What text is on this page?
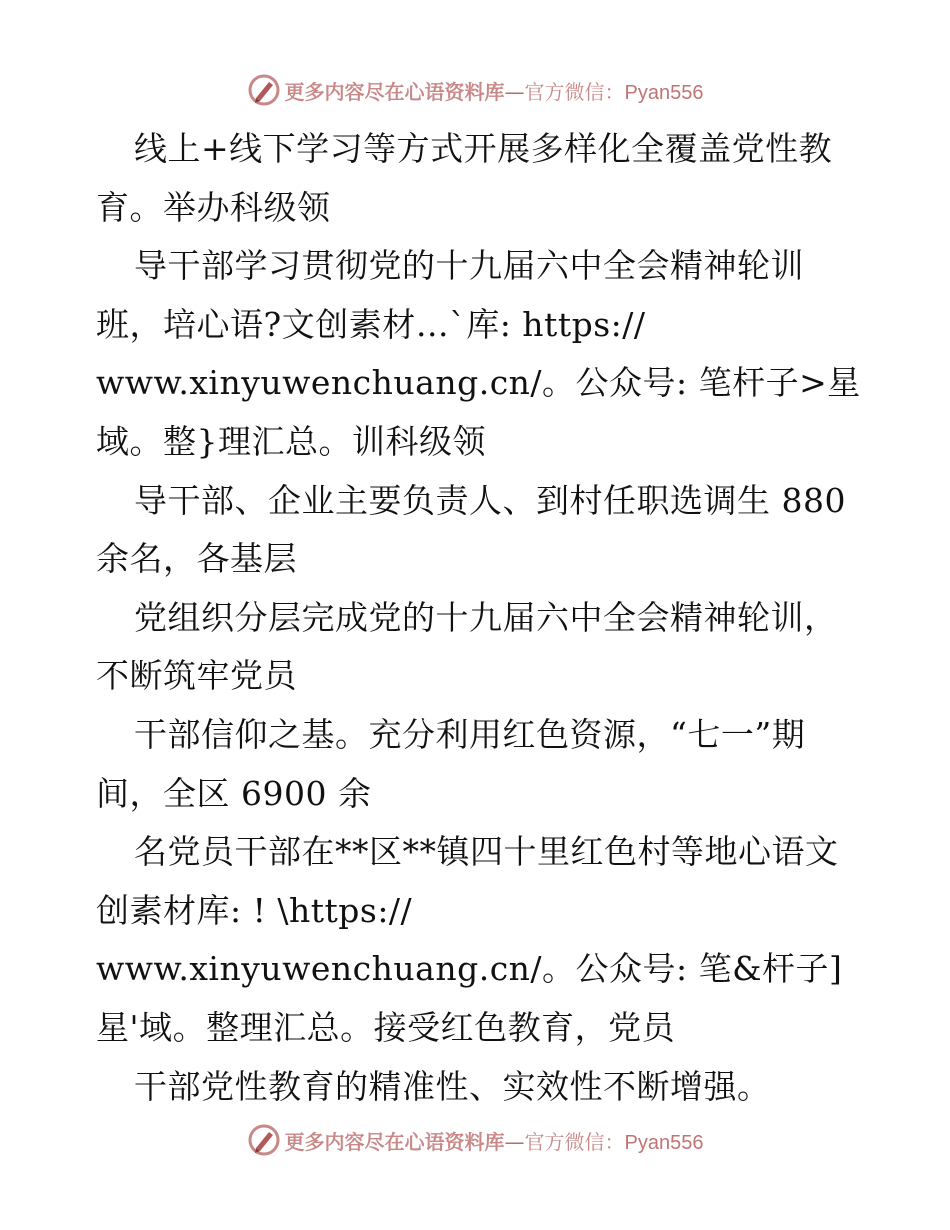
更多内容尽在心语资料库—官方微信：Pyan556
线上+线下学习等方式开展多样化全覆盖党性教
育。举办科级领
导干部学习贯彻党的十九届六中全会精神轮训
班，培心语?文创素材…`库: https://
www.xinyuwenchuang.cn/。公众号: 笔杆子>星
域。整}理汇总。训科级领
导干部、企业主要负责人、到村任职选调生 880
余名，各基层
党组织分层完成党的十九届六中全会精神轮训，
不断筑牢党员
干部信仰之基。充分利用红色资源，“七一”期
间，全区 6900 余
名党员干部在**区**镇四十里红色村等地心语文
创素材库: ! \https://
www.xinyuwenchuang.cn/。公众号: 笔&杆子]
星'域。整理汇总。接受红色教育，党员
干部党性教育的精准性、实效性不断增强。
更多内容尽在心语资料库—官方微信：Pyan556
